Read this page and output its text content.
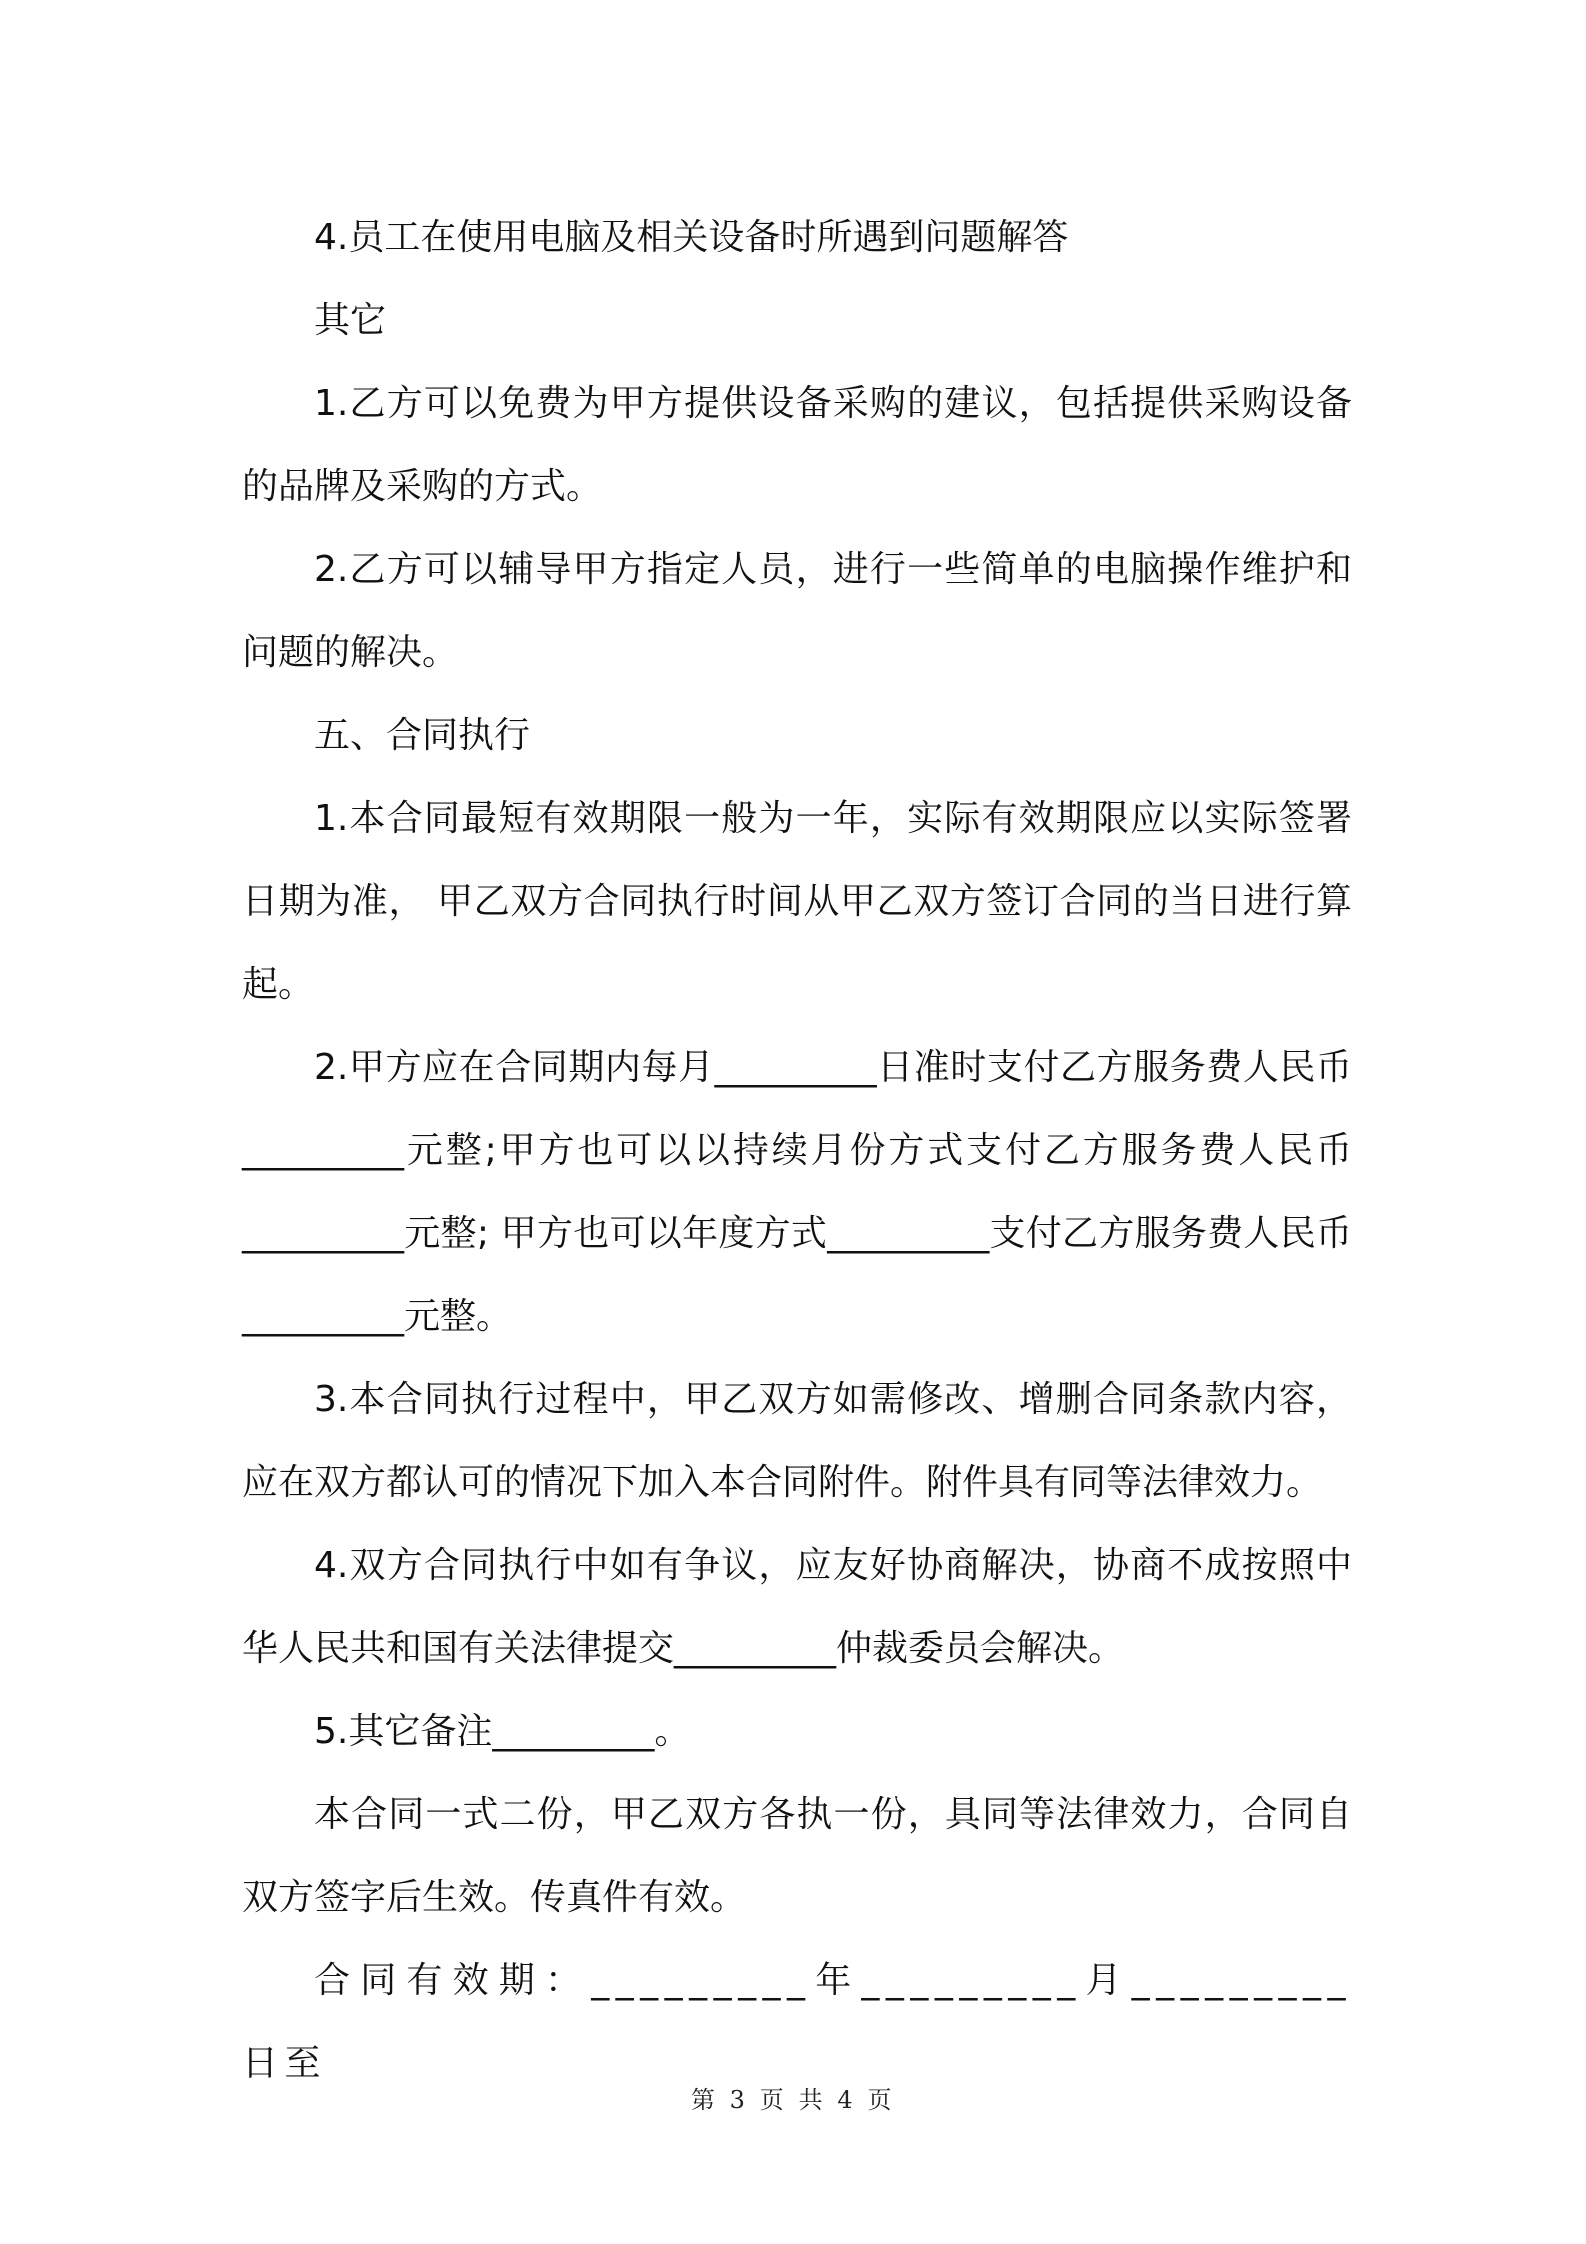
4.员工在使用电脑及相关设备时所遇到问题解答

其它

1.乙方可以免费为甲方提供设备采购的建议，包括提供采购设备的品牌及采购的方式。

2.乙方可以辅导甲方指定人员，进行一些简单的电脑操作维护和问题的解决。

五、合同执行

1.本合同最短有效期限一般为一年，实际有效期限应以实际签署日期为准， 甲乙双方合同执行时间从甲乙双方签订合同的当日进行算起。

2.甲方应在合同期内每月_________日准时支付乙方服务费人民币_________元整;甲方也可以以持续月份方式支付乙方服务费人民币_________元整; 甲方也可以年度方式_________支付乙方服务费人民币 _________元整。

3.本合同执行过程中，甲乙双方如需修改、增删合同条款内容，应在双方都认可的情况下加入本合同附件。附件具有同等法律效力。

4.双方合同执行中如有争议，应友好协商解决，协商不成按照中华人民共和国有关法律提交_________仲裁委员会解决。

5.其它备注_________。

本合同一式二份，甲乙双方各执一份，具同等法律效力，合同自双方签字后生效。传真件有效。

合同有效期：_________年_________月_________日至

第 3 页 共 4 页
